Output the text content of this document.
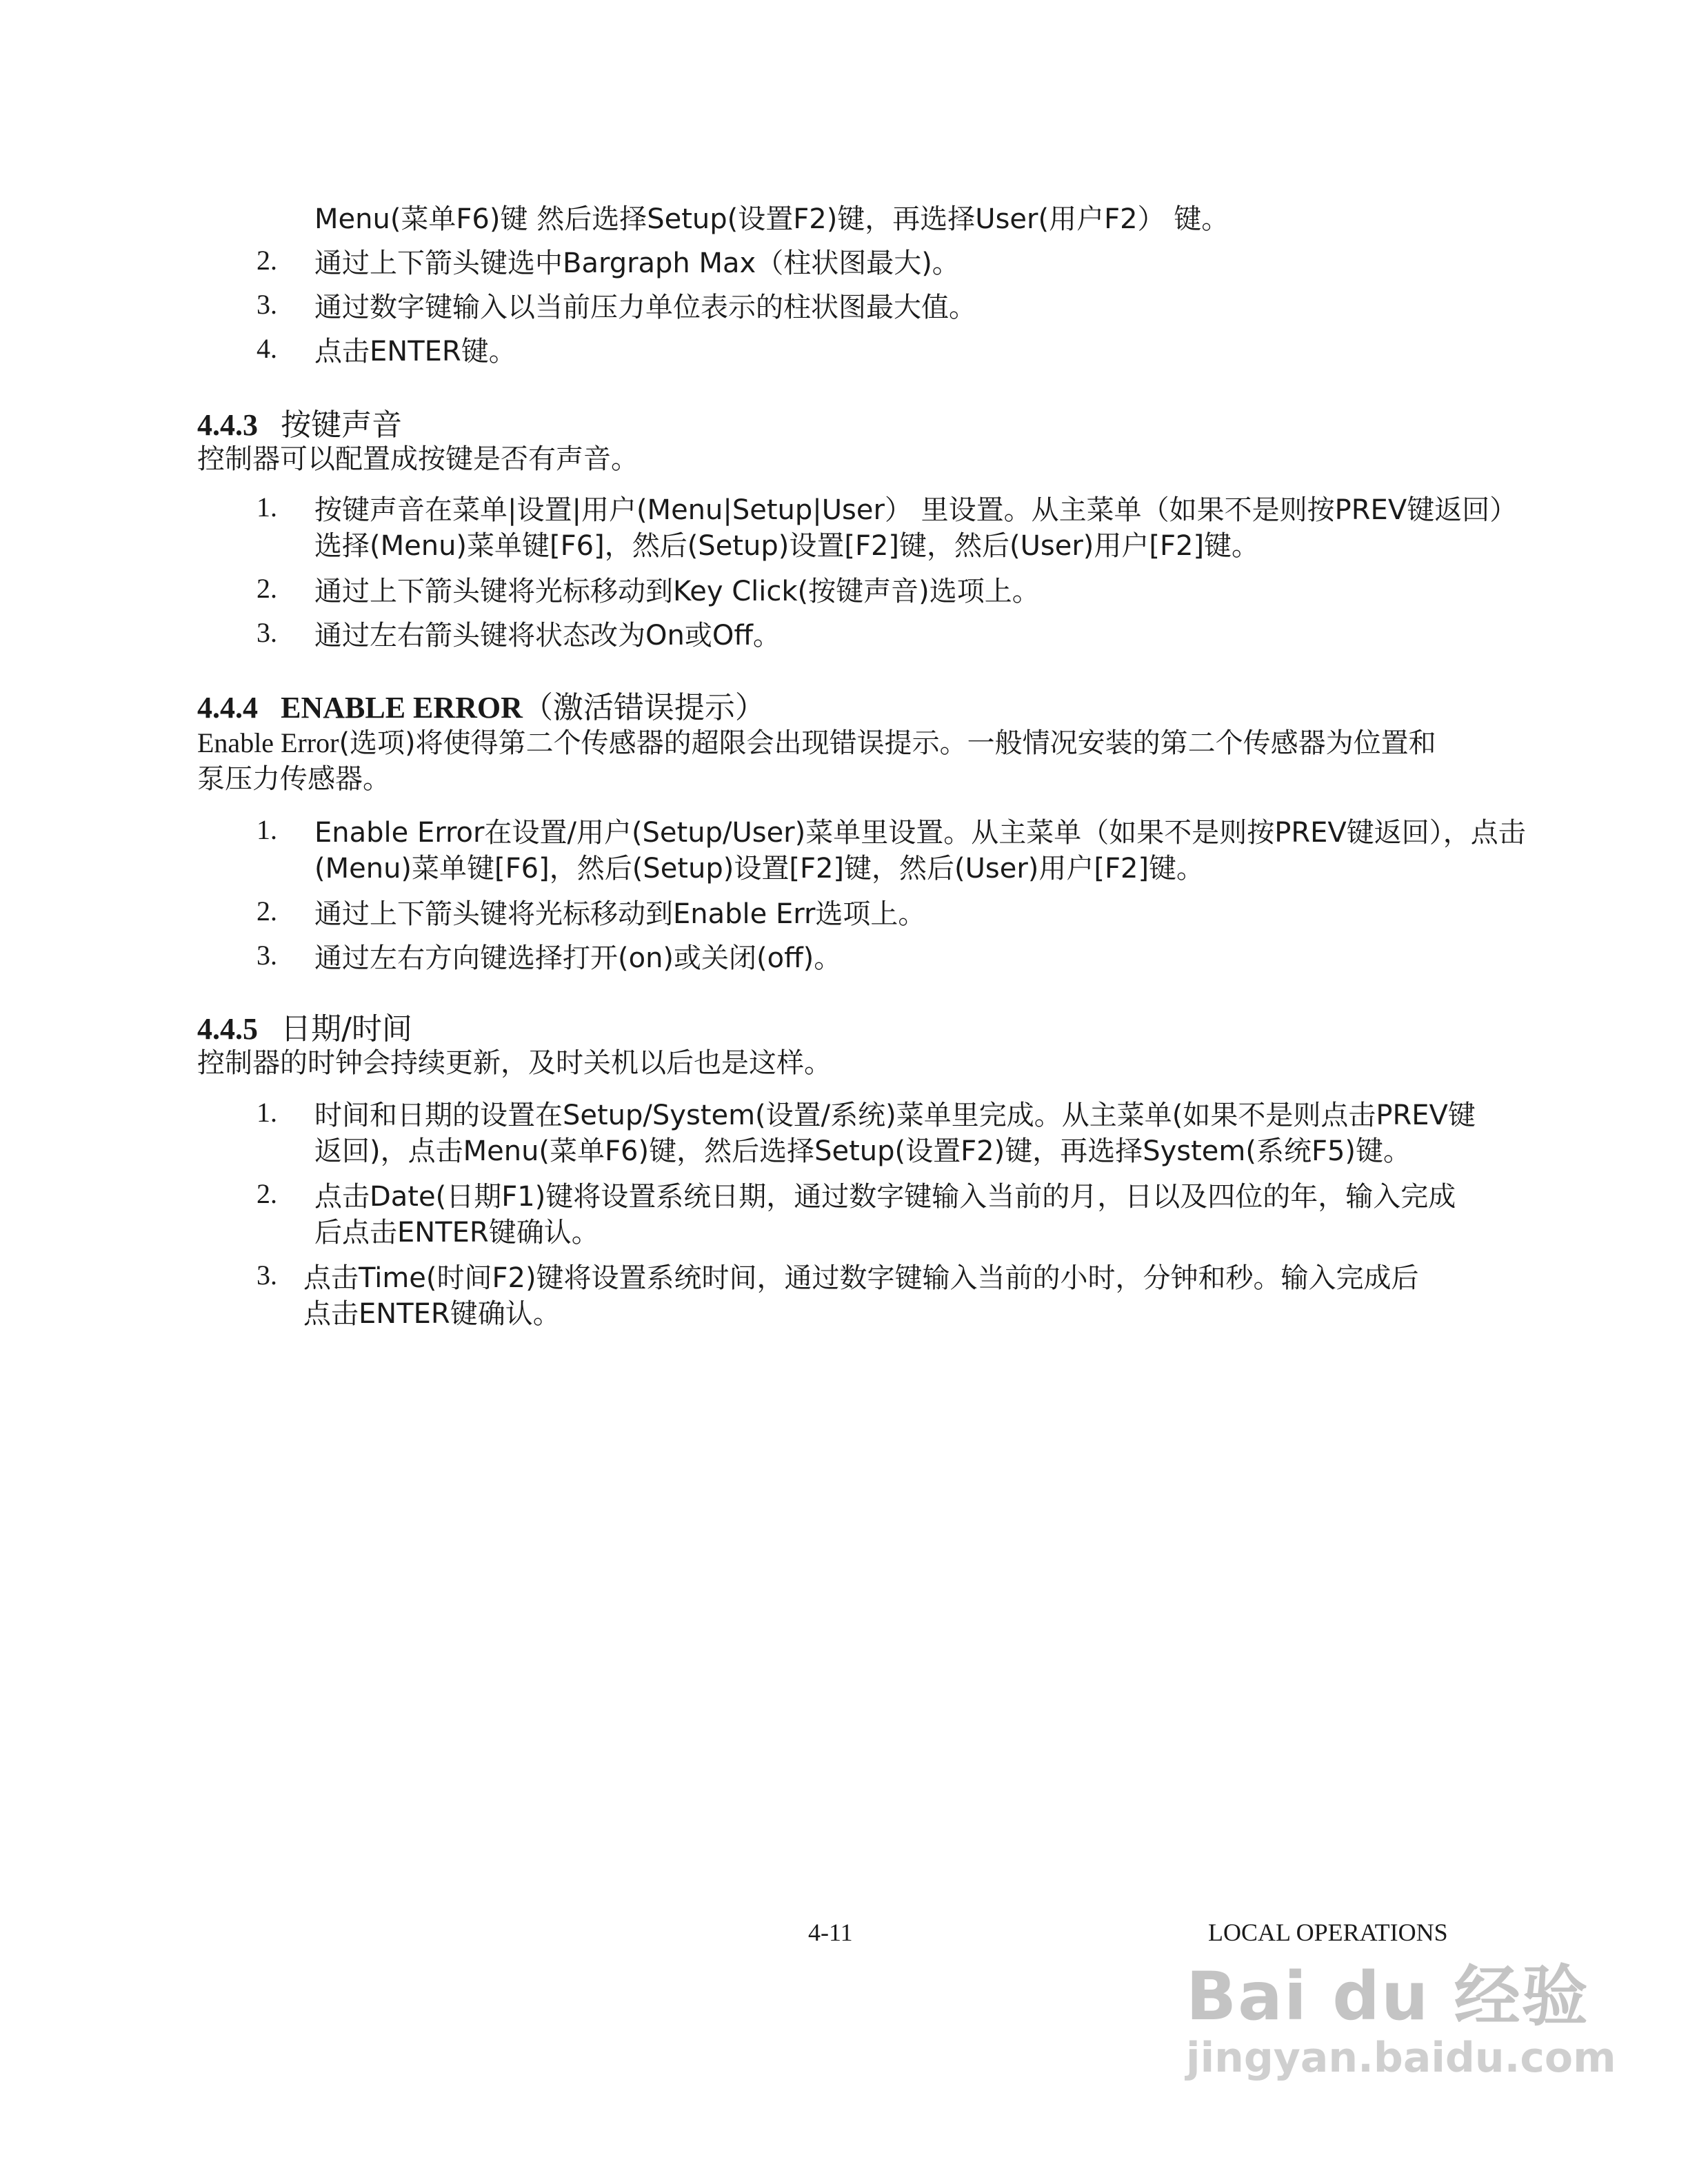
Menu(菜单F6)键 然后选择Setup(设置F2)键，再选择User(用户F2） 键。
2. 通过上下箭头键选中Bargraph Max（柱状图最大)。
3. 通过数字键输入以当前压力单位表示的柱状图最大值。
4. 点击ENTER键。
4.4.3 按键声音
控制器可以配置成按键是否有声音。
1. 按键声音在菜单|设置|用户(Menu|Setup|User） 里设置。从主菜单（如果不是则按PREV键返回）
选择(Menu)菜单键[F6]，然后(Setup)设置[F2]键，然后(User)用户[F2]键。
2. 通过上下箭头键将光标移动到Key Click(按键声音)选项上。
3. 通过左右箭头键将状态改为On或Off。
4.4.4 ENABLE ERROR（激活错误提示）
Enable Error(选项)将使得第二个传感器的超限会出现错误提示。一般情况安装的第二个传感器为位置和
泵压力传感器。
1. Enable Error在设置/用户(Setup/User)菜单里设置。从主菜单（如果不是则按PREV键返回），点击
(Menu)菜单键[F6]，然后(Setup)设置[F2]键，然后(User)用户[F2]键。
2. 通过上下箭头键将光标移动到Enable Err选项上。
3. 通过左右方向键选择打开(on)或关闭(off)。
4.4.5 日期/时间
控制器的时钟会持续更新，及时关机以后也是这样。
1. 时间和日期的设置在Setup/System(设置/系统)菜单里完成。从主菜单(如果不是则点击PREV键
返回)，点击Menu(菜单F6)键，然后选择Setup(设置F2)键，再选择System(系统F5)键。
2. 点击Date(日期F1)键将设置系统日期，通过数字键输入当前的月，日以及四位的年，输入完成
后点击ENTER键确认。
3. 点击Time(时间F2)键将设置系统时间，通过数字键输入当前的小时，分钟和秒。输入完成后
点击ENTER键确认。
4-11	LOCAL OPERATIONS
Bai du 经验
jingyan.baidu.com
